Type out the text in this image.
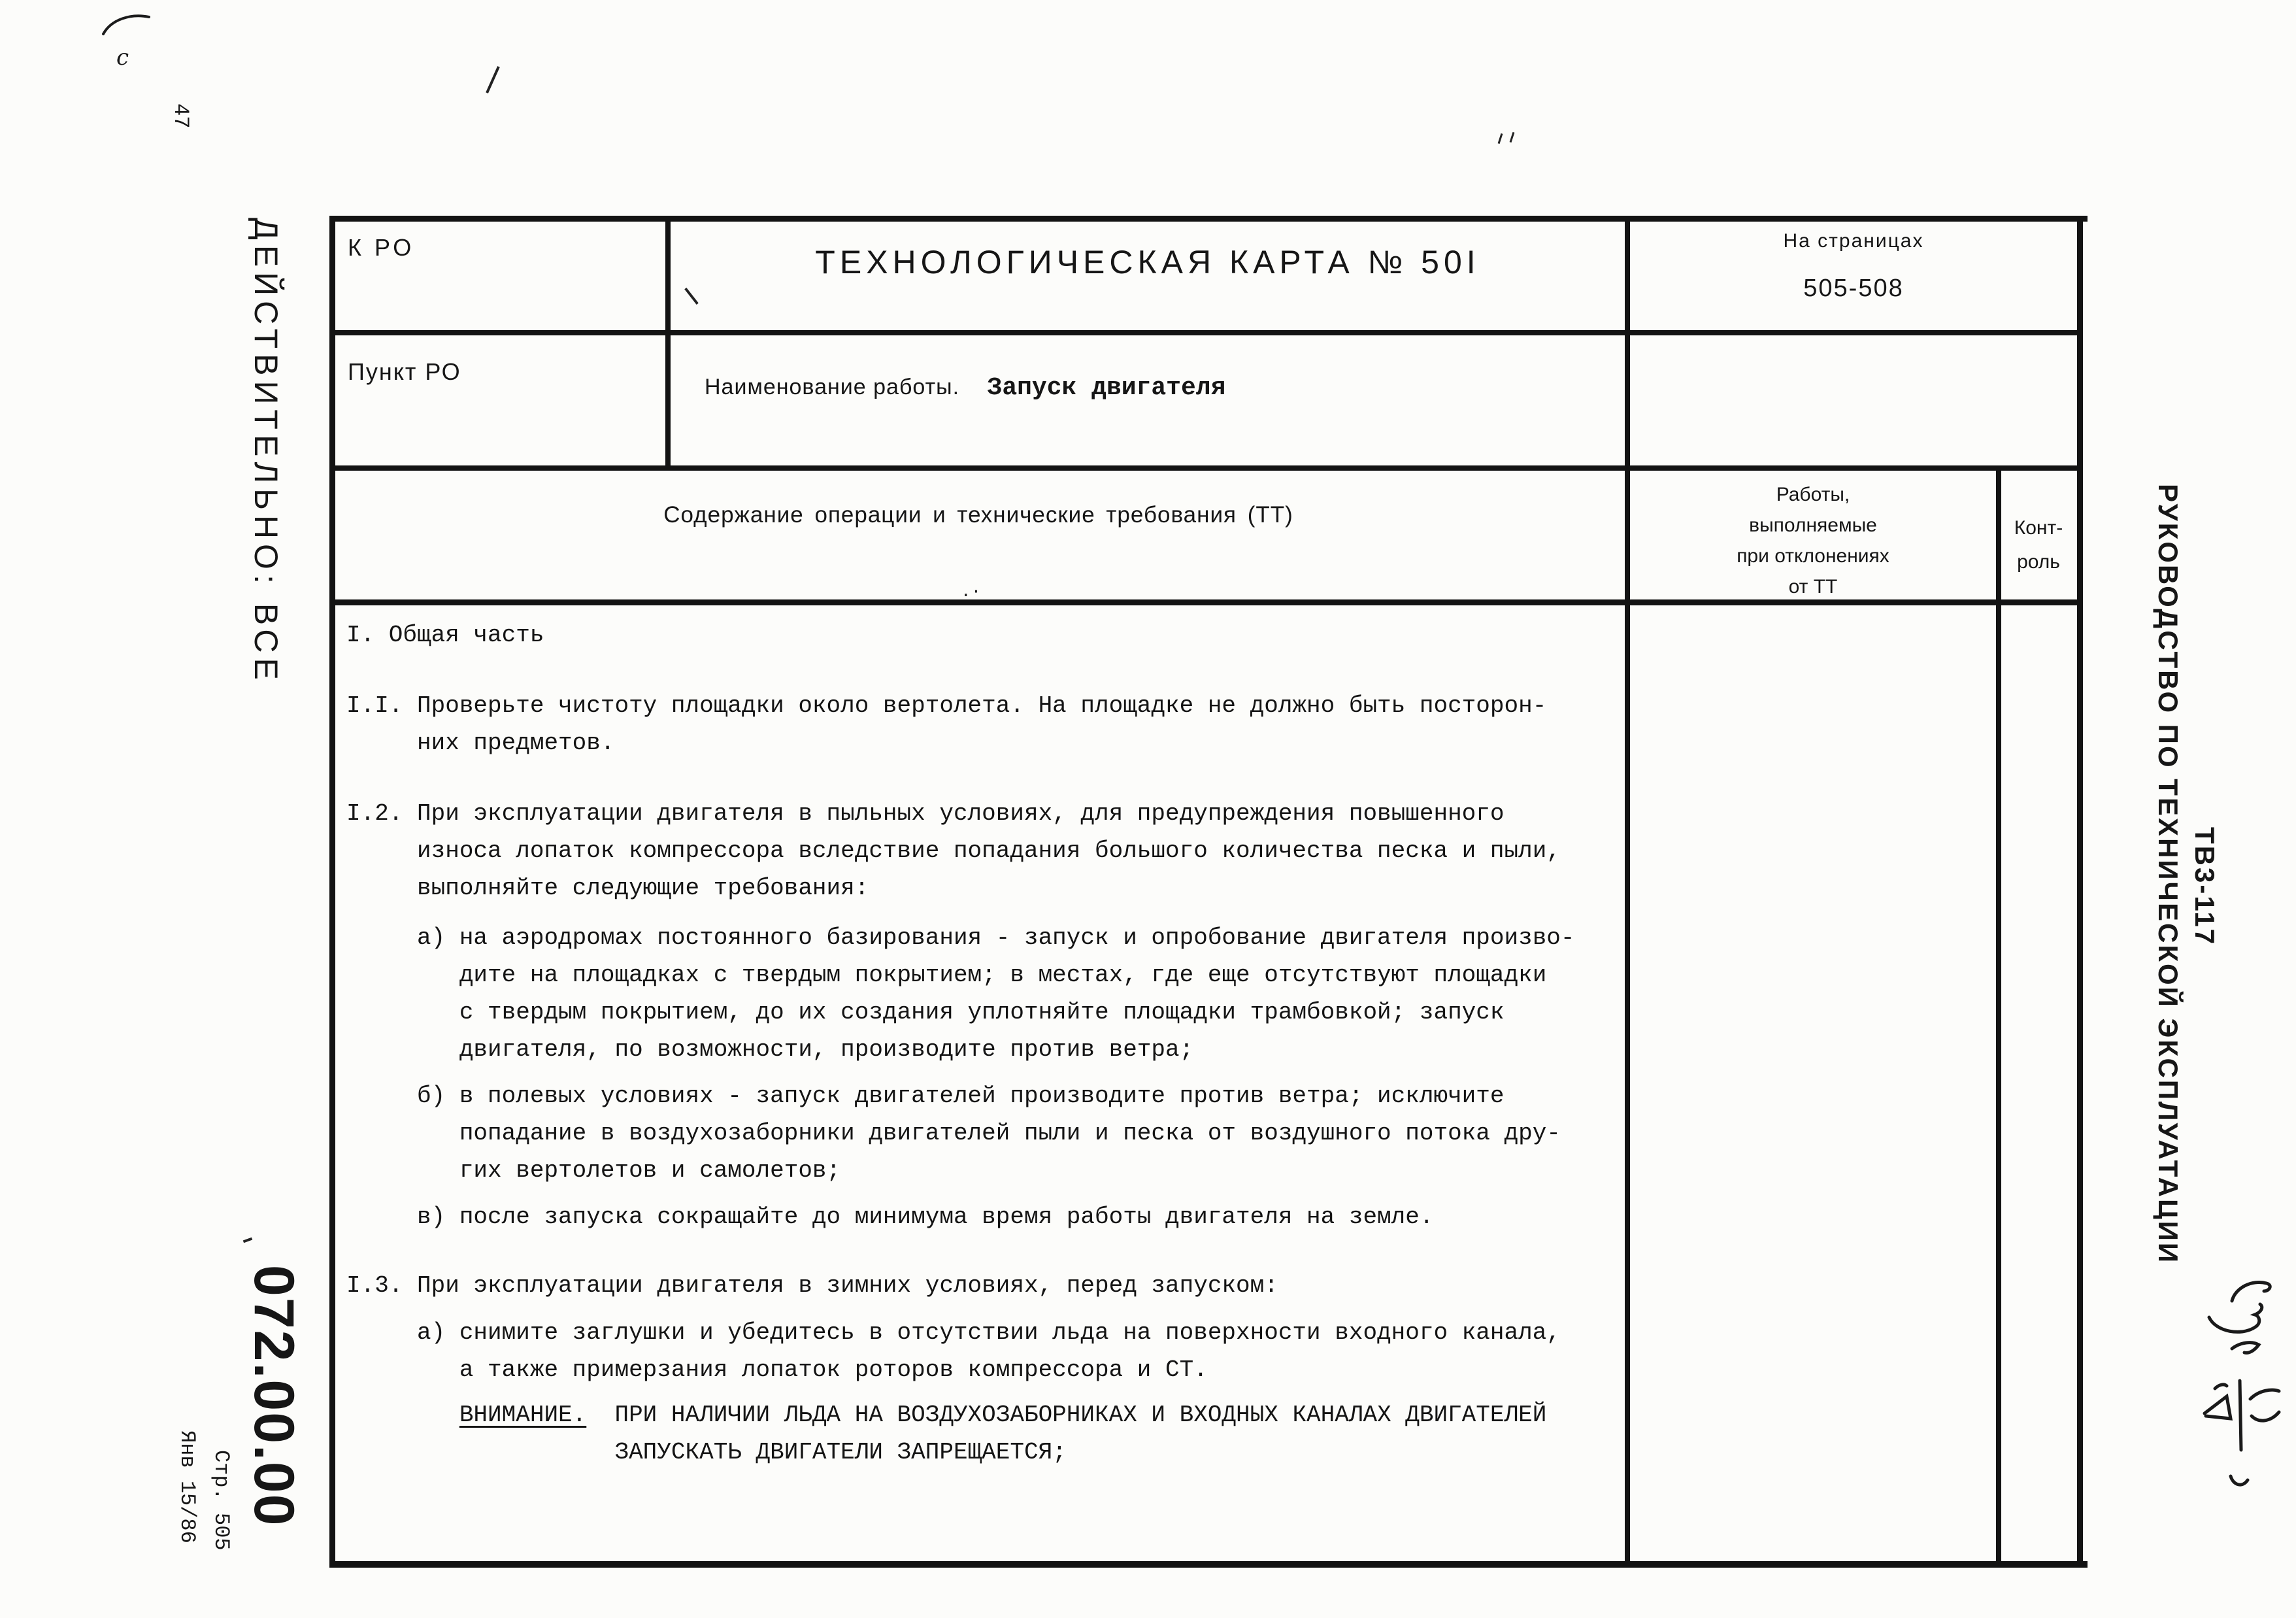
К РО	ТЕХНОЛОГИЧЕСКАЯ КАРТА № 50I
На страницах
505-508
Пункт РО
Наименование работы. Запуск двигателя
Содержание операции и технические требования (ТТ)
.·
Работы,
выполняемые
при отклонениях
от ТТ
Конт-
роль
I. Общая часть
I.I. Проверьте чистоту площадки около вертолета. На площадке не должно быть посторон-
них предметов.
I.2. При эксплуатации двигателя в пыльных условиях, для предупреждения повышенного
износа лопаток компрессора вследствие попадания большого количества песка и пыли,
выполняйте следующие требования:
а) на аэродромах постоянного базирования - запуск и опробование двигателя произво-
дите на площадках с твердым покрытием; в местах, где еще отсутствуют площадки
с твердым покрытием, до их создания уплотняйте площадки трамбовкой; запуск
двигателя, по возможности, производите против ветра;
б) в полевых условиях - запуск двигателей производите против ветра; исключите
попадание в воздухозаборники двигателей пыли и песка от воздушного потока дру-
гих вертолетов и самолетов;
в) после запуска сокращайте до минимума время работы двигателя на земле.
I.3. При эксплуатации двигателя в зимних условиях, перед запуском:
а) снимите заглушки и убедитесь в отсутствии льда на поверхности входного канала,
а также примерзания лопаток роторов компрессора и СТ.
ВНИМАНИЕ.  ПРИ НАЛИЧИИ ЛЬДА НА ВОЗДУХОЗАБОРНИКАХ И ВХОДНЫХ КАНАЛАХ ДВИГАТЕЛЕЙ
ЗАПУСКАТЬ ДВИГАТЕЛИ ЗАПРЕЩАЕТСЯ;
ДЕЙСТВИТЕЛЬНО: ВСЕ
072.00.00
Стр. 505
Янв 15/86
РУКОВОДСТВО ПО ТЕХНИЧЕСКОЙ ЭКСПЛУАТАЦИИ ТВ3-117
47
c
